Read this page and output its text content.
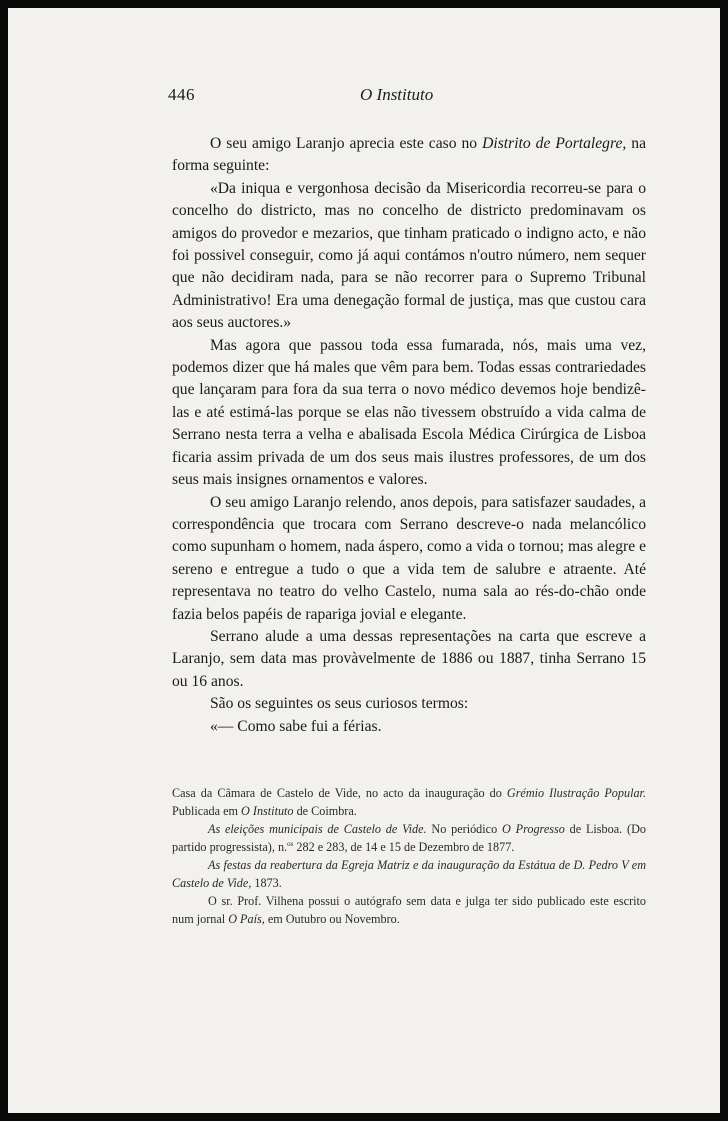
446	O Instituto

O seu amigo Laranjo aprecia este caso no Distrito de Portalegre, na forma seguinte:

«Da iniqua e vergonhosa decisão da Misericordia recorreu-se para o concelho do districto, mas no concelho de districto predominavam os amigos do provedor e mezarios, que tinham praticado o indigno acto, e não foi possivel conseguir, como já aqui contámos n'outro número, nem sequer que não decidiram nada, para se não recorrer para o Supremo Tribunal Administrativo! Era uma denegação formal de justiça, mas que custou cara aos seus auctores.»

Mas agora que passou toda essa fumarada, nós, mais uma vez, podemos dizer que há males que vêm para bem. Todas essas contrariedades que lançaram para fora da sua terra o novo médico devemos hoje bendizê-las e até estimá-las porque se elas não tivessem obstruído a vida calma de Serrano nesta terra a velha e abalisada Escola Médica Cirúrgica de Lisboa ficaria assim privada de um dos seus mais ilustres professores, de um dos seus mais insignes ornamentos e valores.

O seu amigo Laranjo relendo, anos depois, para satisfazer saudades, a correspondência que trocara com Serrano descreve-o nada melancólico como supunham o homem, nada áspero, como a vida o tornou; mas alegre e sereno e entregue a tudo o que a vida tem de salubre e atraente. Até representava no teatro do velho Castelo, numa sala ao rés-do-chão onde fazia belos papéis de rapariga jovial e elegante.

Serrano alude a uma dessas representações na carta que escreve a Laranjo, sem data mas provàvelmente de 1886 ou 1887, tinha Serrano 15 ou 16 anos.

São os seguintes os seus curiosos termos:

«— Como sabe fui a férias.

Casa da Câmara de Castelo de Vide, no acto da inauguração do Grémio Ilustração Popular. Publicada em O Instituto de Coimbra.

As eleições municipais de Castelo de Vide. No periódico O Progresso de Lisboa. (Do partido progressista), n.$^{os}$ 282 e 283, de 14 e 15 de Dezembro de 1877.

As festas da reabertura da Egreja Matriz e da inauguração da Estátua de D. Pedro V em Castelo de Vide, 1873.

O sr. Prof. Vilhena possui o autógrafo sem data e julga ter sido publicado este escrito num jornal O País, em Outubro ou Novembro.
